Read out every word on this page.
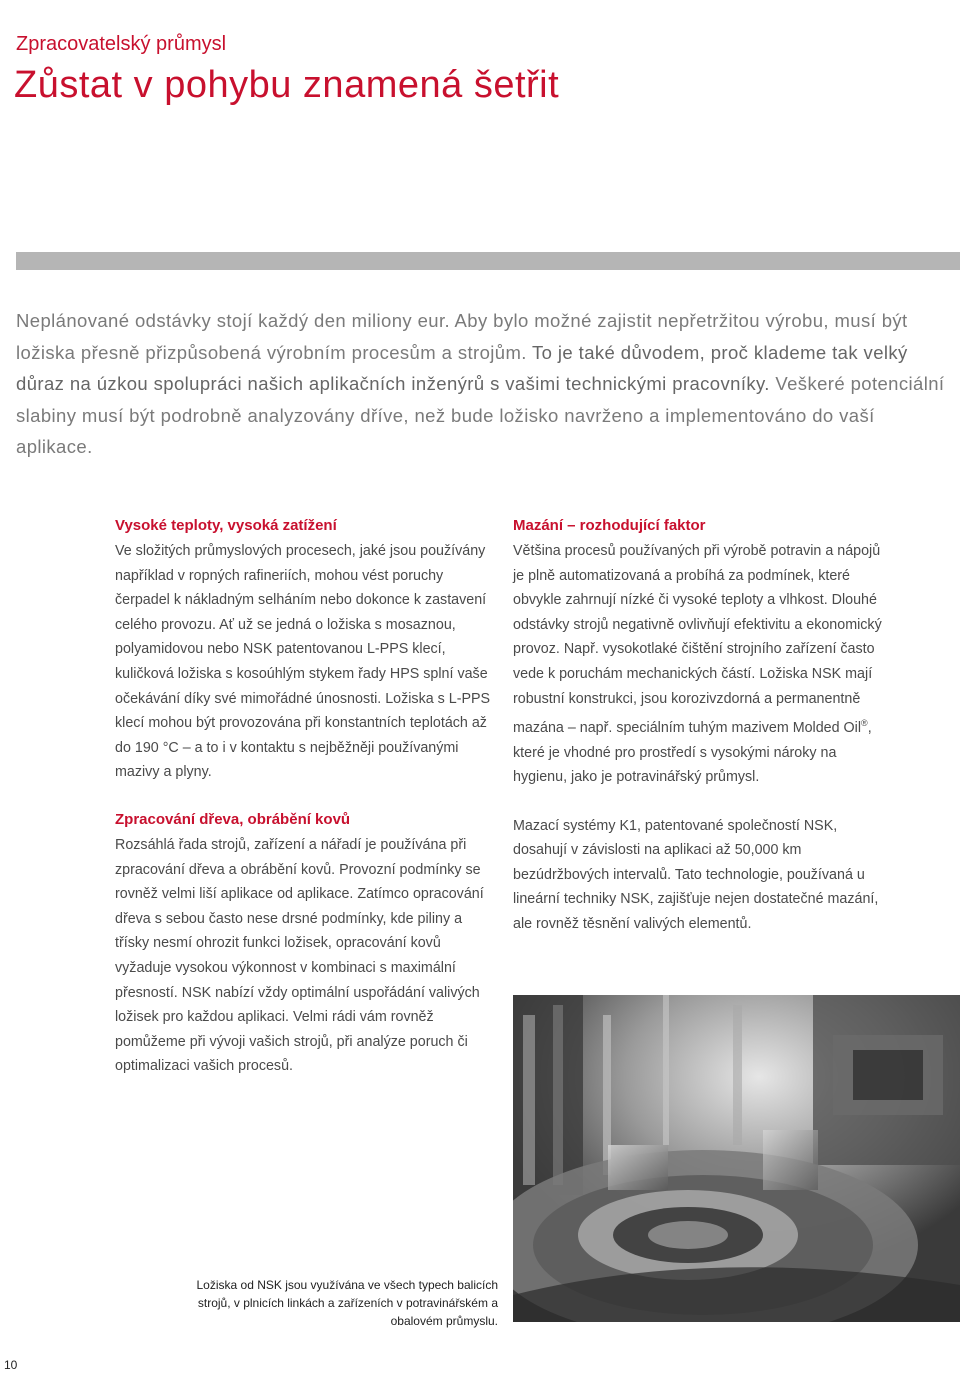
Zpracovatelský průmysl
Zůstat v pohybu znamená šetřit

Neplánované odstávky stojí každý den miliony eur. Aby bylo možné zajistit nepřetržitou výrobu, musí být ložiska přesně přizpůsobená výrobním procesům a strojům. To je také důvodem, proč klademe tak velký důraz na úzkou spolupráci našich aplikačních inženýrů s vašimi technickými pracovníky. Veškeré potenciální slabiny musí být podrobně analyzovány dříve, než bude ložisko navrženo a implementováno do vaší aplikace.

Vysoké teploty, vysoká zatížení

Ve složitých průmyslových procesech, jaké jsou používány například v ropných rafineriích, mohou vést poruchy čerpadel k nákladným selháním nebo dokonce k zastavení celého provozu. Ať už se jedná o ložiska s mosaznou, polyamidovou nebo NSK patentovanou L-PPS klecí, kuličková ložiska s kosoúhlým stykem řady HPS splní vaše očekávání díky své mimořádné únosnosti. Ložiska s L-PPS klecí mohou být provozována při konstantních teplotách až do 190 °C – a to i v kontaktu s nejběžněji používanými mazivy a plyny.

Zpracování dřeva, obrábění kovů

Rozsáhlá řada strojů, zařízení a nářadí je používána při zpracování dřeva a obrábění kovů. Provozní podmínky se rovněž velmi liší aplikace od aplikace. Zatímco opracování dřeva s sebou často nese drsné podmínky, kde piliny a třísky nesmí ohrozit funkci ložisek, opracování kovů vyžaduje vysokou výkonnost v kombinaci s maximální přesností. NSK nabízí vždy optimální uspořádání valivých ložisek pro každou aplikaci. Velmi rádi vám rovněž pomůžeme při vývoji vašich strojů, při analýze poruch či optimalizaci vašich procesů.

Mazání – rozhodující faktor

Většina procesů používaných při výrobě potravin a nápojů je plně automatizovaná a probíhá za podmínek, které obvykle zahrnují nízké či vysoké teploty a vlhkost. Dlouhé odstávky strojů negativně ovlivňují efektivitu a ekonomický provoz. Např. vysokotlaké čištění strojního zařízení často vede k poruchám mechanických částí. Ložiska NSK mají robustní konstrukci, jsou korozivzdorná a permanentně mazána – např. speciálním tuhým mazivem Molded Oil®, které je vhodné pro prostředí s vysokými nároky na hygienu, jako je potravinářský průmysl.

Mazací systémy K1, patentované společností NSK, dosahují v závislosti na aplikaci až 50,000 km bezúdržbových intervalů. Tato technologie, používaná u lineární techniky NSK, zajišťuje nejen dostatečné mazání, ale rovněž těsnění valivých elementů.

Ložiska od NSK jsou využívána ve všech typech balicích strojů, v plnicích linkách a zařízeních v potravinářském a obalovém průmyslu.

10
